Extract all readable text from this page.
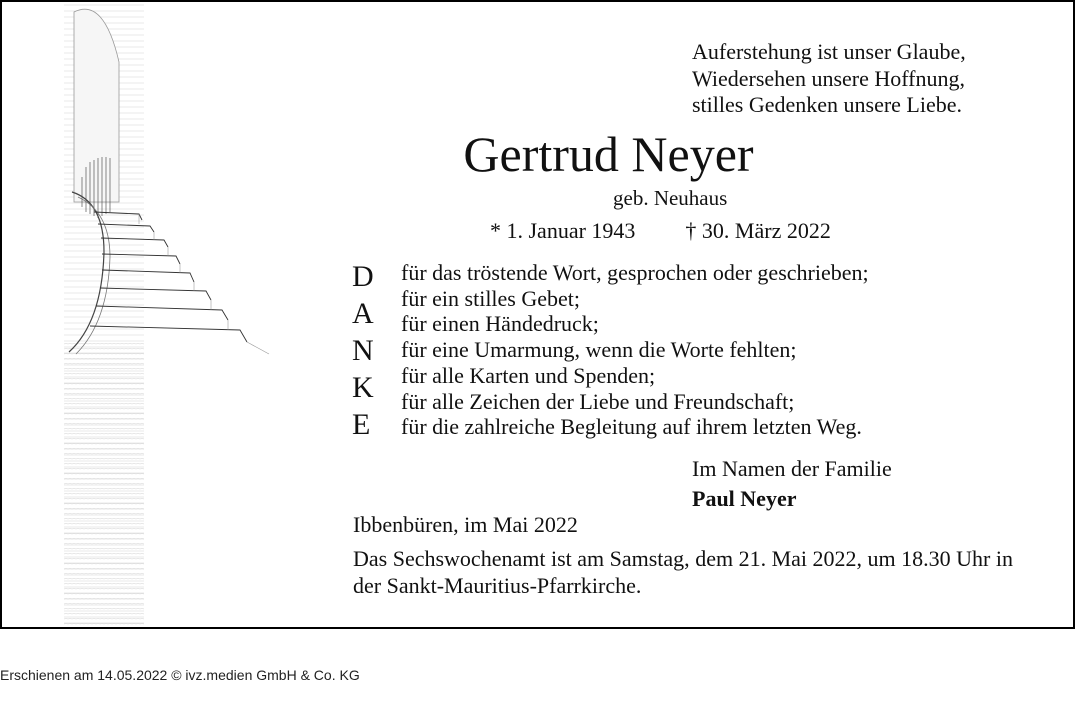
Auferstehung ist unser Glaube,
Wiedersehen unsere Hoffnung,
stilles Gedenken unsere Liebe.
Gertrud Neyer
geb. Neuhaus
* 1. Januar 1943 † 30. März 2022
D
A
N
K
E
für das tröstende Wort, gesprochen oder geschrieben;
für ein stilles Gebet;
für einen Händedruck;
für eine Umarmung, wenn die Worte fehlten;
für alle Karten und Spenden;
für alle Zeichen der Liebe und Freundschaft;
für die zahlreiche Begleitung auf ihrem letzten Weg.
Im Namen der Familie
Paul Neyer
Ibbenbüren, im Mai 2022
Das Sechswochenamt ist am Samstag, dem 21. Mai 2022, um 18.30 Uhr in der Sankt-Mauritius-Pfarrkirche.
Erschienen am 14.05.2022 © ivz.medien GmbH & Co. KG
